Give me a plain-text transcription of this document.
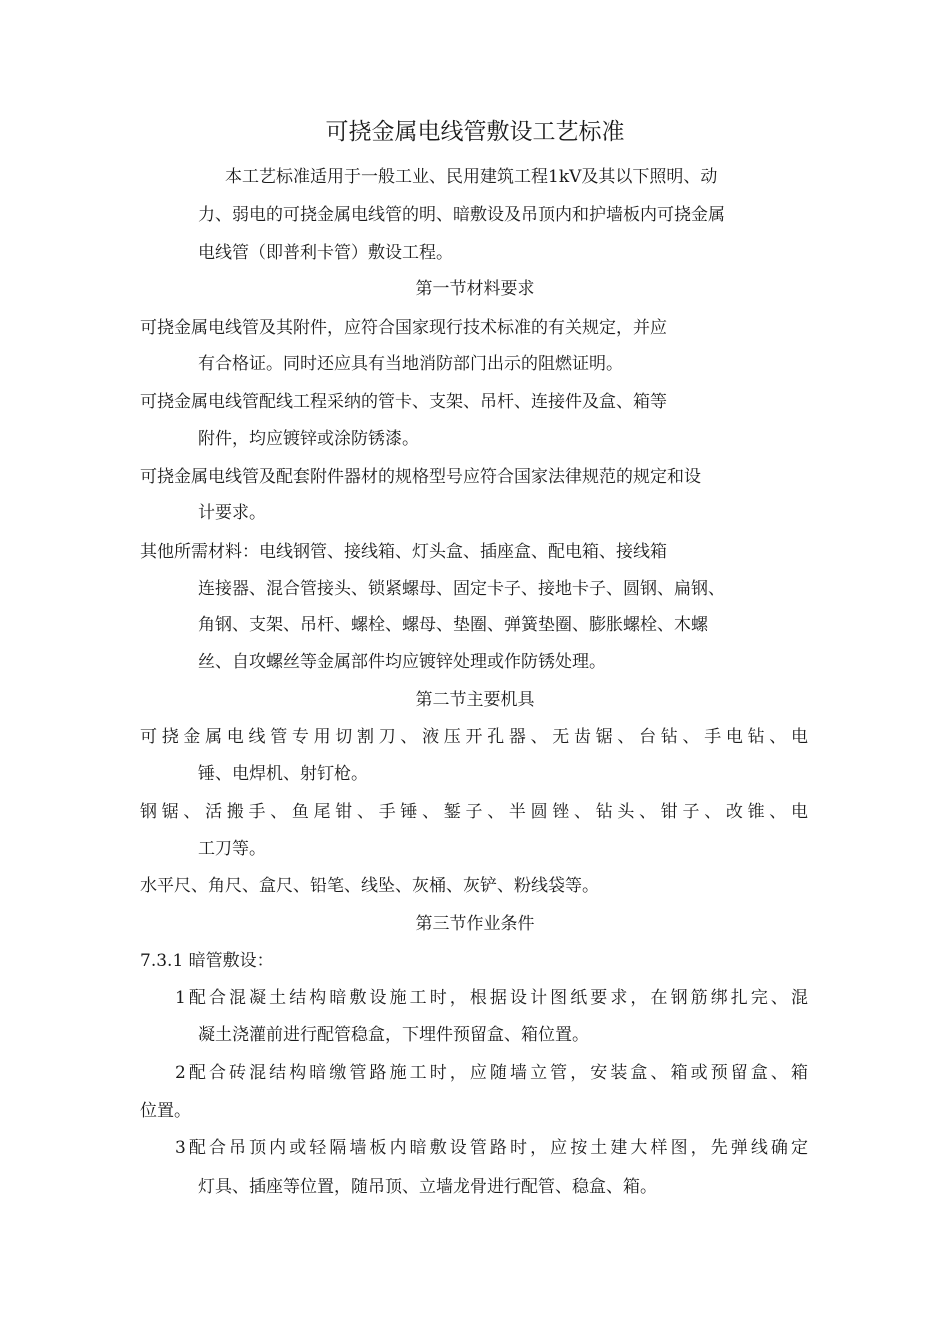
可挠金属电线管敷设工艺标准
本工艺标准适用于一般工业、民用建筑工程1kV及其以下照明、动
力、弱电的可挠金属电线管的明、暗敷设及吊顶内和护墙板内可挠金属
电线管（即普利卡管）敷设工程。
第一节材料要求
可挠金属电线管及其附件，应符合国家现行技术标准的有关规定，并应
有合格证。同时还应具有当地消防部门出示的阻燃证明。
可挠金属电线管配线工程采纳的管卡、支架、吊杆、连接件及盒、箱等
附件，均应镀锌或涂防锈漆。
可挠金属电线管及配套附件器材的规格型号应符合国家法律规范的规定和设
计要求。
其他所需材料：电线钢管、接线箱、灯头盒、插座盒、配电箱、接线箱
连接器、混合管接头、锁紧螺母、固定卡子、接地卡子、圆钢、扁钢、
角钢、支架、吊杆、螺栓、螺母、垫圈、弹簧垫圈、膨胀螺栓、木螺
丝、自攻螺丝等金属部件均应镀锌处理或作防锈处理。
第二节主要机具
可挠金属电线管专用切割刀、液压开孔器、无齿锯、台钻、手电钻、电
锤、电焊机、射钉枪。
钢锯、活搬手、鱼尾钳、手锤、錾子、半圆锉、钻头、钳子、改锥、电
工刀等。
水平尺、角尺、盒尺、铅笔、线坠、灰桶、灰铲、粉线袋等。
第三节作业条件
7.3.1 暗管敷设：
1配合混凝土结构暗敷设施工时，根据设计图纸要求，在钢筋绑扎完、混
凝土浇灌前进行配管稳盒，下埋件预留盒、箱位置。
2配合砖混结构暗缴管路施工时，应随墙立管，安装盒、箱或预留盒、箱
位置。
3配合吊顶内或轻隔墙板内暗敷设管路时，应按土建大样图，先弹线确定
灯具、插座等位置，随吊顶、立墙龙骨进行配管、稳盒、箱。
